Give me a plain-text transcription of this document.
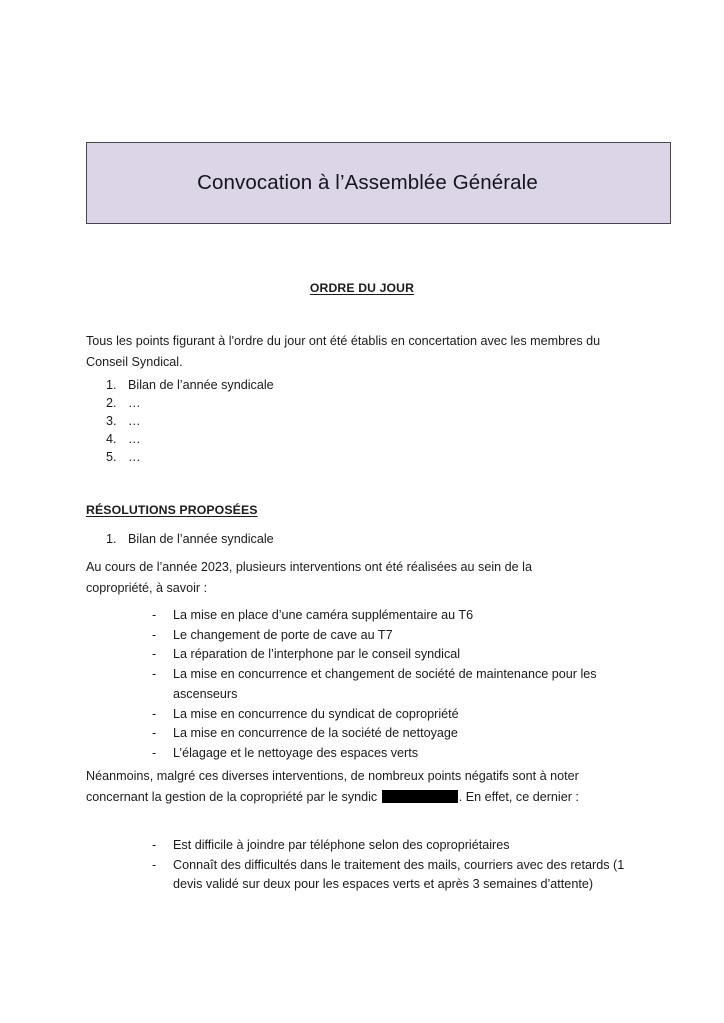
Convocation à l’Assemblée Générale
ORDRE DU JOUR
Tous les points figurant à l'ordre du jour ont été établis en concertation avec les membres du Conseil Syndical.
1. Bilan de l’année syndicale
2. …
3. …
4. …
5. …
RÉSOLUTIONS PROPOSÉES
1. Bilan de l’année syndicale
Au cours de l’année 2023, plusieurs interventions ont été réalisées au sein de la copropriété, à savoir :
- La mise en place d’une caméra supplémentaire au T6
- Le changement de porte de cave au T7
- La réparation de l’interphone par le conseil syndical
- La mise en concurrence et changement de société de maintenance pour les ascenseurs
- La mise en concurrence du syndicat de copropriété
- La mise en concurrence de la société de nettoyage
- L’élagage et le nettoyage des espaces verts
Néanmoins, malgré ces diverses interventions, de nombreux points négatifs sont à noter concernant la gestion de la copropriété par le syndic	. En effet, ce dernier :
- Est difficile à joindre par téléphone selon des copropriétaires
- Connaît des difficultés dans le traitement des mails, courriers avec des retards (1 devis validé sur deux pour les espaces verts et après 3 semaines d’attente)
